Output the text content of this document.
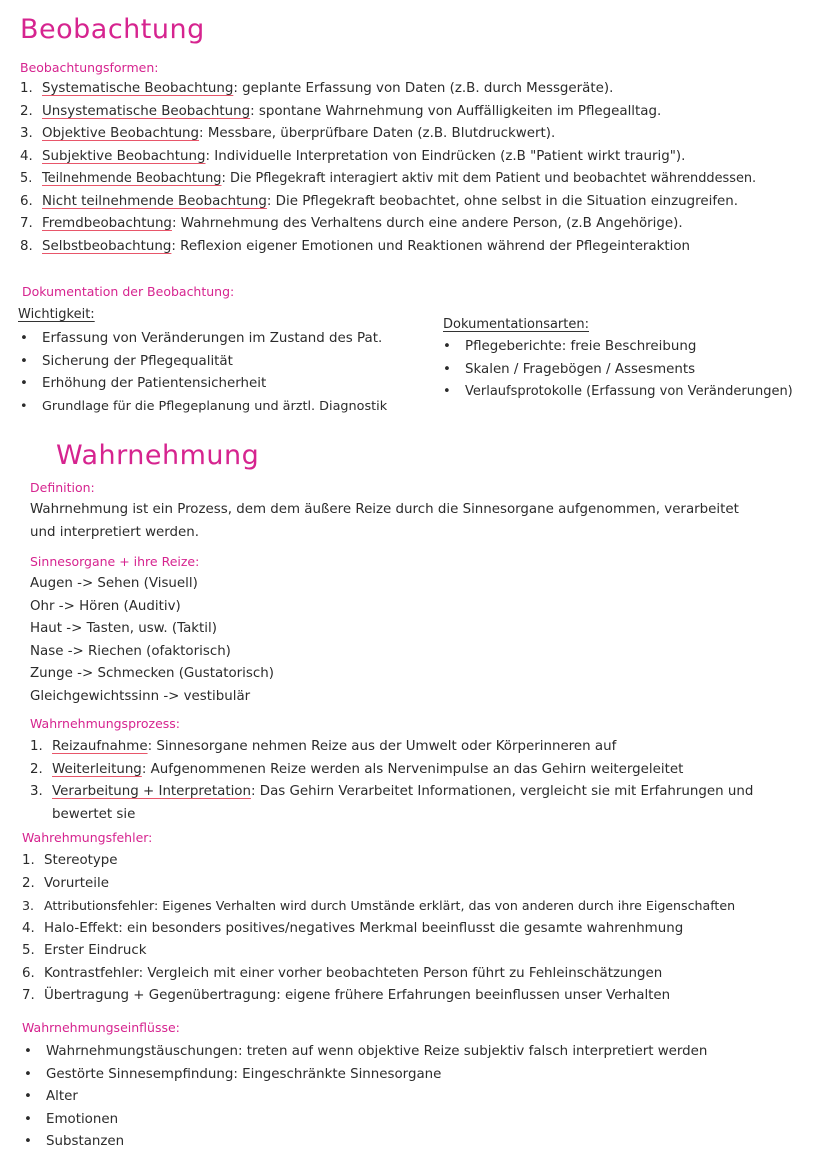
Beobachtung
Beobachtungsformen:
1. Systematische Beobachtung: geplante Erfassung von Daten (z.B. durch Messgeräte).
2. Unsystematische Beobachtung: spontane Wahrnehmung von Auffälligkeiten im Pflegealltag.
3. Objektive Beobachtung: Messbare, überprüfbare Daten (z.B. Blutdruckwert).
4. Subjektive Beobachtung: Individuelle Interpretation von Eindrücken (z.B "Patient wirkt traurig").
5. Teilnehmende Beobachtung: Die Pflegekraft interagiert aktiv mit dem Patient und beobachtet währenddessen.
6. Nicht teilnehmende Beobachtung: Die Pflegekraft beobachtet, ohne selbst in die Situation einzugreifen.
7. Fremdbeobachtung: Wahrnehmung des Verhaltens durch eine andere Person, (z.B Angehörige).
8. Selbstbeobachtung: Reflexion eigener Emotionen und Reaktionen während der Pflegeinteraktion
Dokumentation der Beobachtung:
Wichtigkeit:
• Erfassung von Veränderungen im Zustand des Pat.
• Sicherung der Pflegequalität
• Erhöhung der Patientensicherheit
• Grundlage für die Pflegeplanung und ärztl. Diagnostik
Dokumentationsarten:
• Pflegeberichte: freie Beschreibung
• Skalen / Fragebögen / Assesments
• Verlaufsprotokolle (Erfassung von Veränderungen)
Wahrnehmung
Definition:
Wahrnehmung ist ein Prozess, dem dem äußere Reize durch die Sinnesorgane aufgenommen, verarbeitet
und interpretiert werden.
Sinnesorgane + ihre Reize:
Augen -> Sehen (Visuell)
Ohr -> Hören (Auditiv)
Haut -> Tasten, usw. (Taktil)
Nase -> Riechen (ofaktorisch)
Zunge -> Schmecken (Gustatorisch)
Gleichgewichtssinn -> vestibulär
Wahrnehmungsprozess:
1. Reizaufnahme: Sinnesorgane nehmen Reize aus der Umwelt oder Körperinneren auf
2. Weiterleitung: Aufgenommenen Reize werden als Nervenimpulse an das Gehirn weitergeleitet
3. Verarbeitung + Interpretation: Das Gehirn Verarbeitet Informationen, vergleicht sie mit Erfahrungen und
bewertet sie
Wahrehmungsfehler:
1. Stereotype
2. Vorurteile
3. Attributionsfehler: Eigenes Verhalten wird durch Umstände erklärt, das von anderen durch ihre Eigenschaften
4. Halo-Effekt: ein besonders positives/negatives Merkmal beeinflusst die gesamte wahrenhmung
5. Erster Eindruck
6. Kontrastfehler: Vergleich mit einer vorher beobachteten Person führt zu Fehleinschätzungen
7. Übertragung + Gegenübertragung: eigene frühere Erfahrungen beeinflussen unser Verhalten
Wahrnehmungseinflüsse:
• Wahrnehmungstäuschungen: treten auf wenn objektive Reize subjektiv falsch interpretiert werden
• Gestörte Sinnesempfindung: Eingeschränkte Sinnesorgane
• Alter
• Emotionen
• Substanzen
